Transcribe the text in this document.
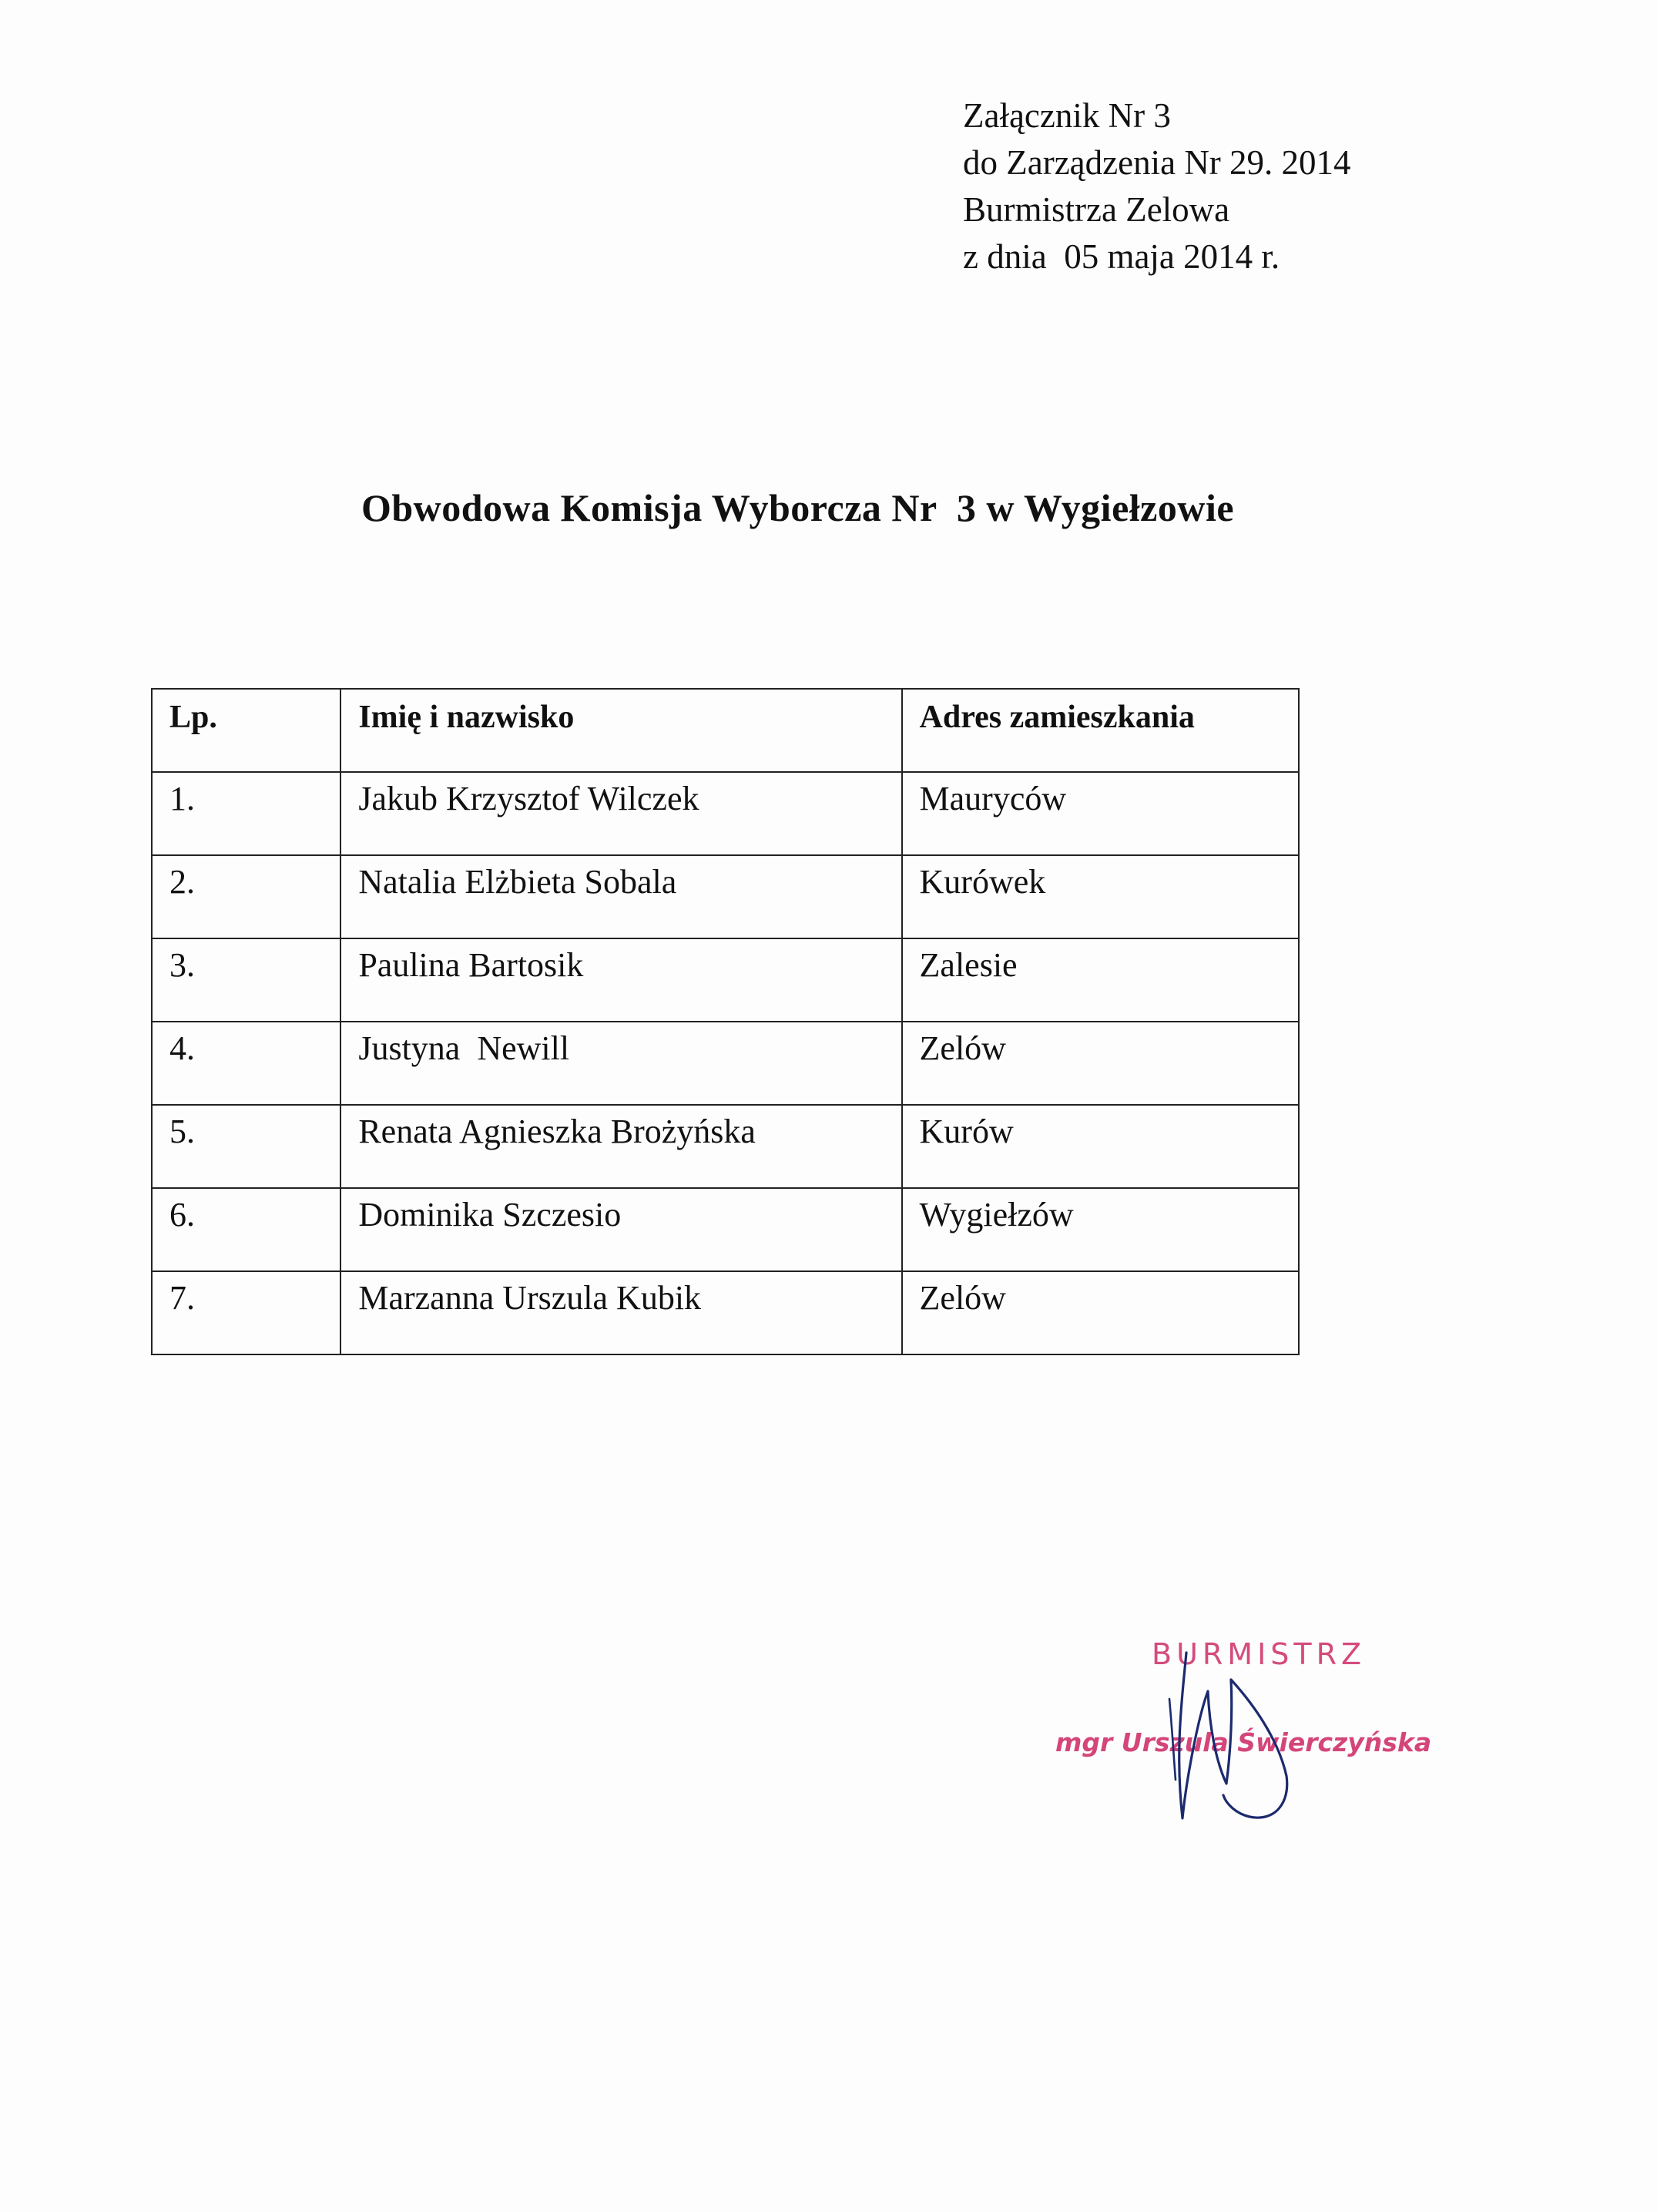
Załącznik Nr 3
do Zarządzenia Nr 29. 2014
Burmistrza Zelowa
z dnia  05 maja 2014 r.
Obwodowa Komisja Wyborcza Nr  3 w Wygiełzowie
Lp.	Imię i nazwisko	Adres zamieszkania
1.	Jakub Krzysztof Wilczek	Mauryców
2.	Natalia Elżbieta Sobala	Kurówek
3.	Paulina Bartosik	Zalesie
4.	Justyna  Newill	Zelów
5.	Renata Agnieszka Brożyńska	Kurów
6.	Dominika Szczesio	Wygiełzów
7.	Marzanna Urszula Kubik	Zelów
BURMISTRZ
mgr Urszula Świerczyńska
